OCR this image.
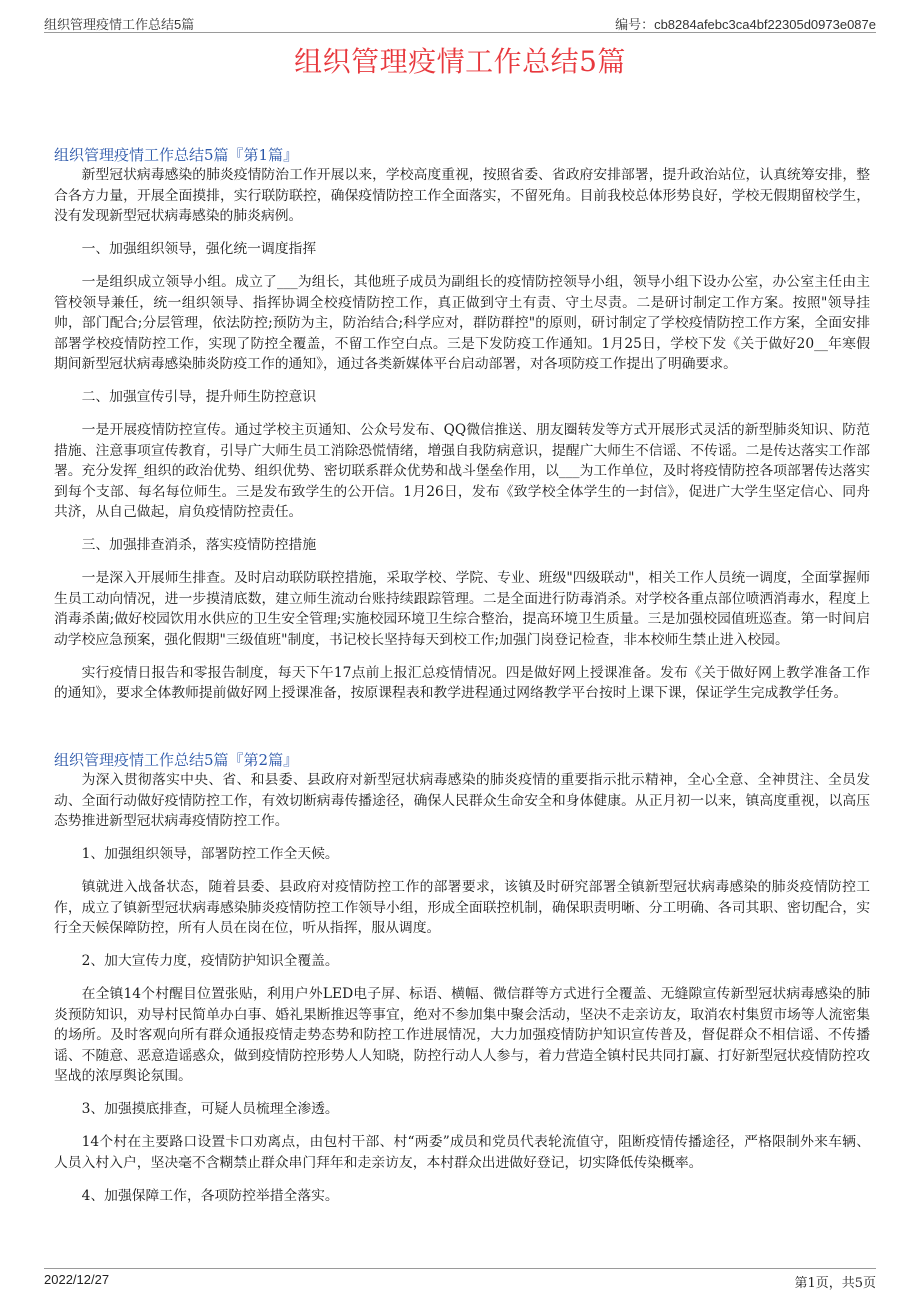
组织管理疫情工作总结5篇	编号：cb8284afebc3ca4bf22305d0973e087e
组织管理疫情工作总结5篇
组织管理疫情工作总结5篇『第1篇』

新型冠状病毒感染的肺炎疫情防治工作开展以来，学校高度重视，按照省委、省政府安排部署，提升政治站位，认真统筹安排，整合各方力量，开展全面摸排，实行联防联控，确保疫情防控工作全面落实，不留死角。目前我校总体形势良好，学校无假期留校学生，没有发现新型冠状病毒感染的肺炎病例。

一、加强组织领导，强化统一调度指挥

一是组织成立领导小组。成立了___为组长，其他班子成员为副组长的疫情防控领导小组，领导小组下设办公室，办公室主任由主管校领导兼任，统一组织领导、指挥协调全校疫情防控工作，真正做到守土有责、守土尽责。二是研讨制定工作方案。按照"领导挂帅，部门配合;分层管理，依法防控;预防为主，防治结合;科学应对，群防群控"的原则，研讨制定了学校疫情防控工作方案，全面安排部署学校疫情防控工作，实现了防控全覆盖，不留工作空白点。三是下发防疫工作通知。1月25日，学校下发《关于做好20__年寒假期间新型冠状病毒感染肺炎防疫工作的通知》，通过各类新媒体平台启动部署，对各项防疫工作提出了明确要求。

二、加强宣传引导，提升师生防控意识

一是开展疫情防控宣传。通过学校主页通知、公众号发布、QQ微信推送、朋友圈转发等方式开展形式灵活的新型肺炎知识、防范措施、注意事项宣传教育，引导广大师生员工消除恐慌情绪，增强自我防病意识，提醒广大师生不信谣、不传谣。二是传达落实工作部署。充分发挥_组织的政治优势、组织优势、密切联系群众优势和战斗堡垒作用，以___为工作单位，及时将疫情防控各项部署传达落实到每个支部、每名每位师生。三是发布致学生的公开信。1月26日，发布《致学校全体学生的一封信》，促进广大学生坚定信心、同舟共济，从自己做起，肩负疫情防控责任。

三、加强排查消杀，落实疫情防控措施

一是深入开展师生排查。及时启动联防联控措施，采取学校、学院、专业、班级"四级联动"，相关工作人员统一调度，全面掌握师生员工动向情况，进一步摸清底数，建立师生流动台账持续跟踪管理。二是全面进行防毒消杀。对学校各重点部位喷洒消毒水，程度上消毒杀菌;做好校园饮用水供应的卫生安全管理;实施校园环境卫生综合整治，提高环境卫生质量。三是加强校园值班巡查。第一时间启动学校应急预案，强化假期"三级值班"制度，书记校长坚持每天到校工作;加强门岗登记检查，非本校师生禁止进入校园。

实行疫情日报告和零报告制度，每天下午17点前上报汇总疫情情况。四是做好网上授课准备。发布《关于做好网上教学准备工作的通知》，要求全体教师提前做好网上授课准备，按原课程表和教学进程通过网络教学平台按时上课下课，保证学生完成教学任务。

组织管理疫情工作总结5篇『第2篇』

为深入贯彻落实中央、省、和县委、县政府对新型冠状病毒感染的肺炎疫情的重要指示批示精神，全心全意、全神贯注、全员发动、全面行动做好疫情防控工作，有效切断病毒传播途径，确保人民群众生命安全和身体健康。从正月初一以来，镇高度重视，以高压态势推进新型冠状病毒疫情防控工作。

1、加强组织领导，部署防控工作全天候。

镇就进入战备状态，随着县委、县政府对疫情防控工作的部署要求，该镇及时研究部署全镇新型冠状病毒感染的肺炎疫情防控工作，成立了镇新型冠状病毒感染肺炎疫情防控工作领导小组，形成全面联控机制，确保职责明晰、分工明确、各司其职、密切配合，实行全天候保障防控，所有人员在岗在位，听从指挥，服从调度。

2、加大宣传力度，疫情防护知识全覆盖。

在全镇14个村醒目位置张贴，利用户外LED电子屏、标语、横幅、微信群等方式进行全覆盖、无缝隙宣传新型冠状病毒感染的肺炎预防知识，劝导村民简单办白事、婚礼果断推迟等事宜，绝对不参加集中聚会活动，坚决不走亲访友，取消农村集贸市场等人流密集的场所。及时客观向所有群众通报疫情走势态势和防控工作进展情况，大力加强疫情防护知识宣传普及，督促群众不相信谣、不传播谣、不随意、恶意造谣惑众，做到疫情防控形势人人知晓，防控行动人人参与，着力营造全镇村民共同打赢、打好新型冠状疫情防控攻坚战的浓厚舆论氛围。

3、加强摸底排查，可疑人员梳理全渗透。

14个村在主要路口设置卡口劝离点，由包村干部、村“两委”成员和党员代表轮流值守，阻断疫情传播途径，严格限制外来车辆、人员入村入户，坚决毫不含糊禁止群众串门拜年和走亲访友，本村群众出进做好登记，切实降低传染概率。

4、加强保障工作，各项防控举措全落实。

2022/12/27	第1页，共5页
